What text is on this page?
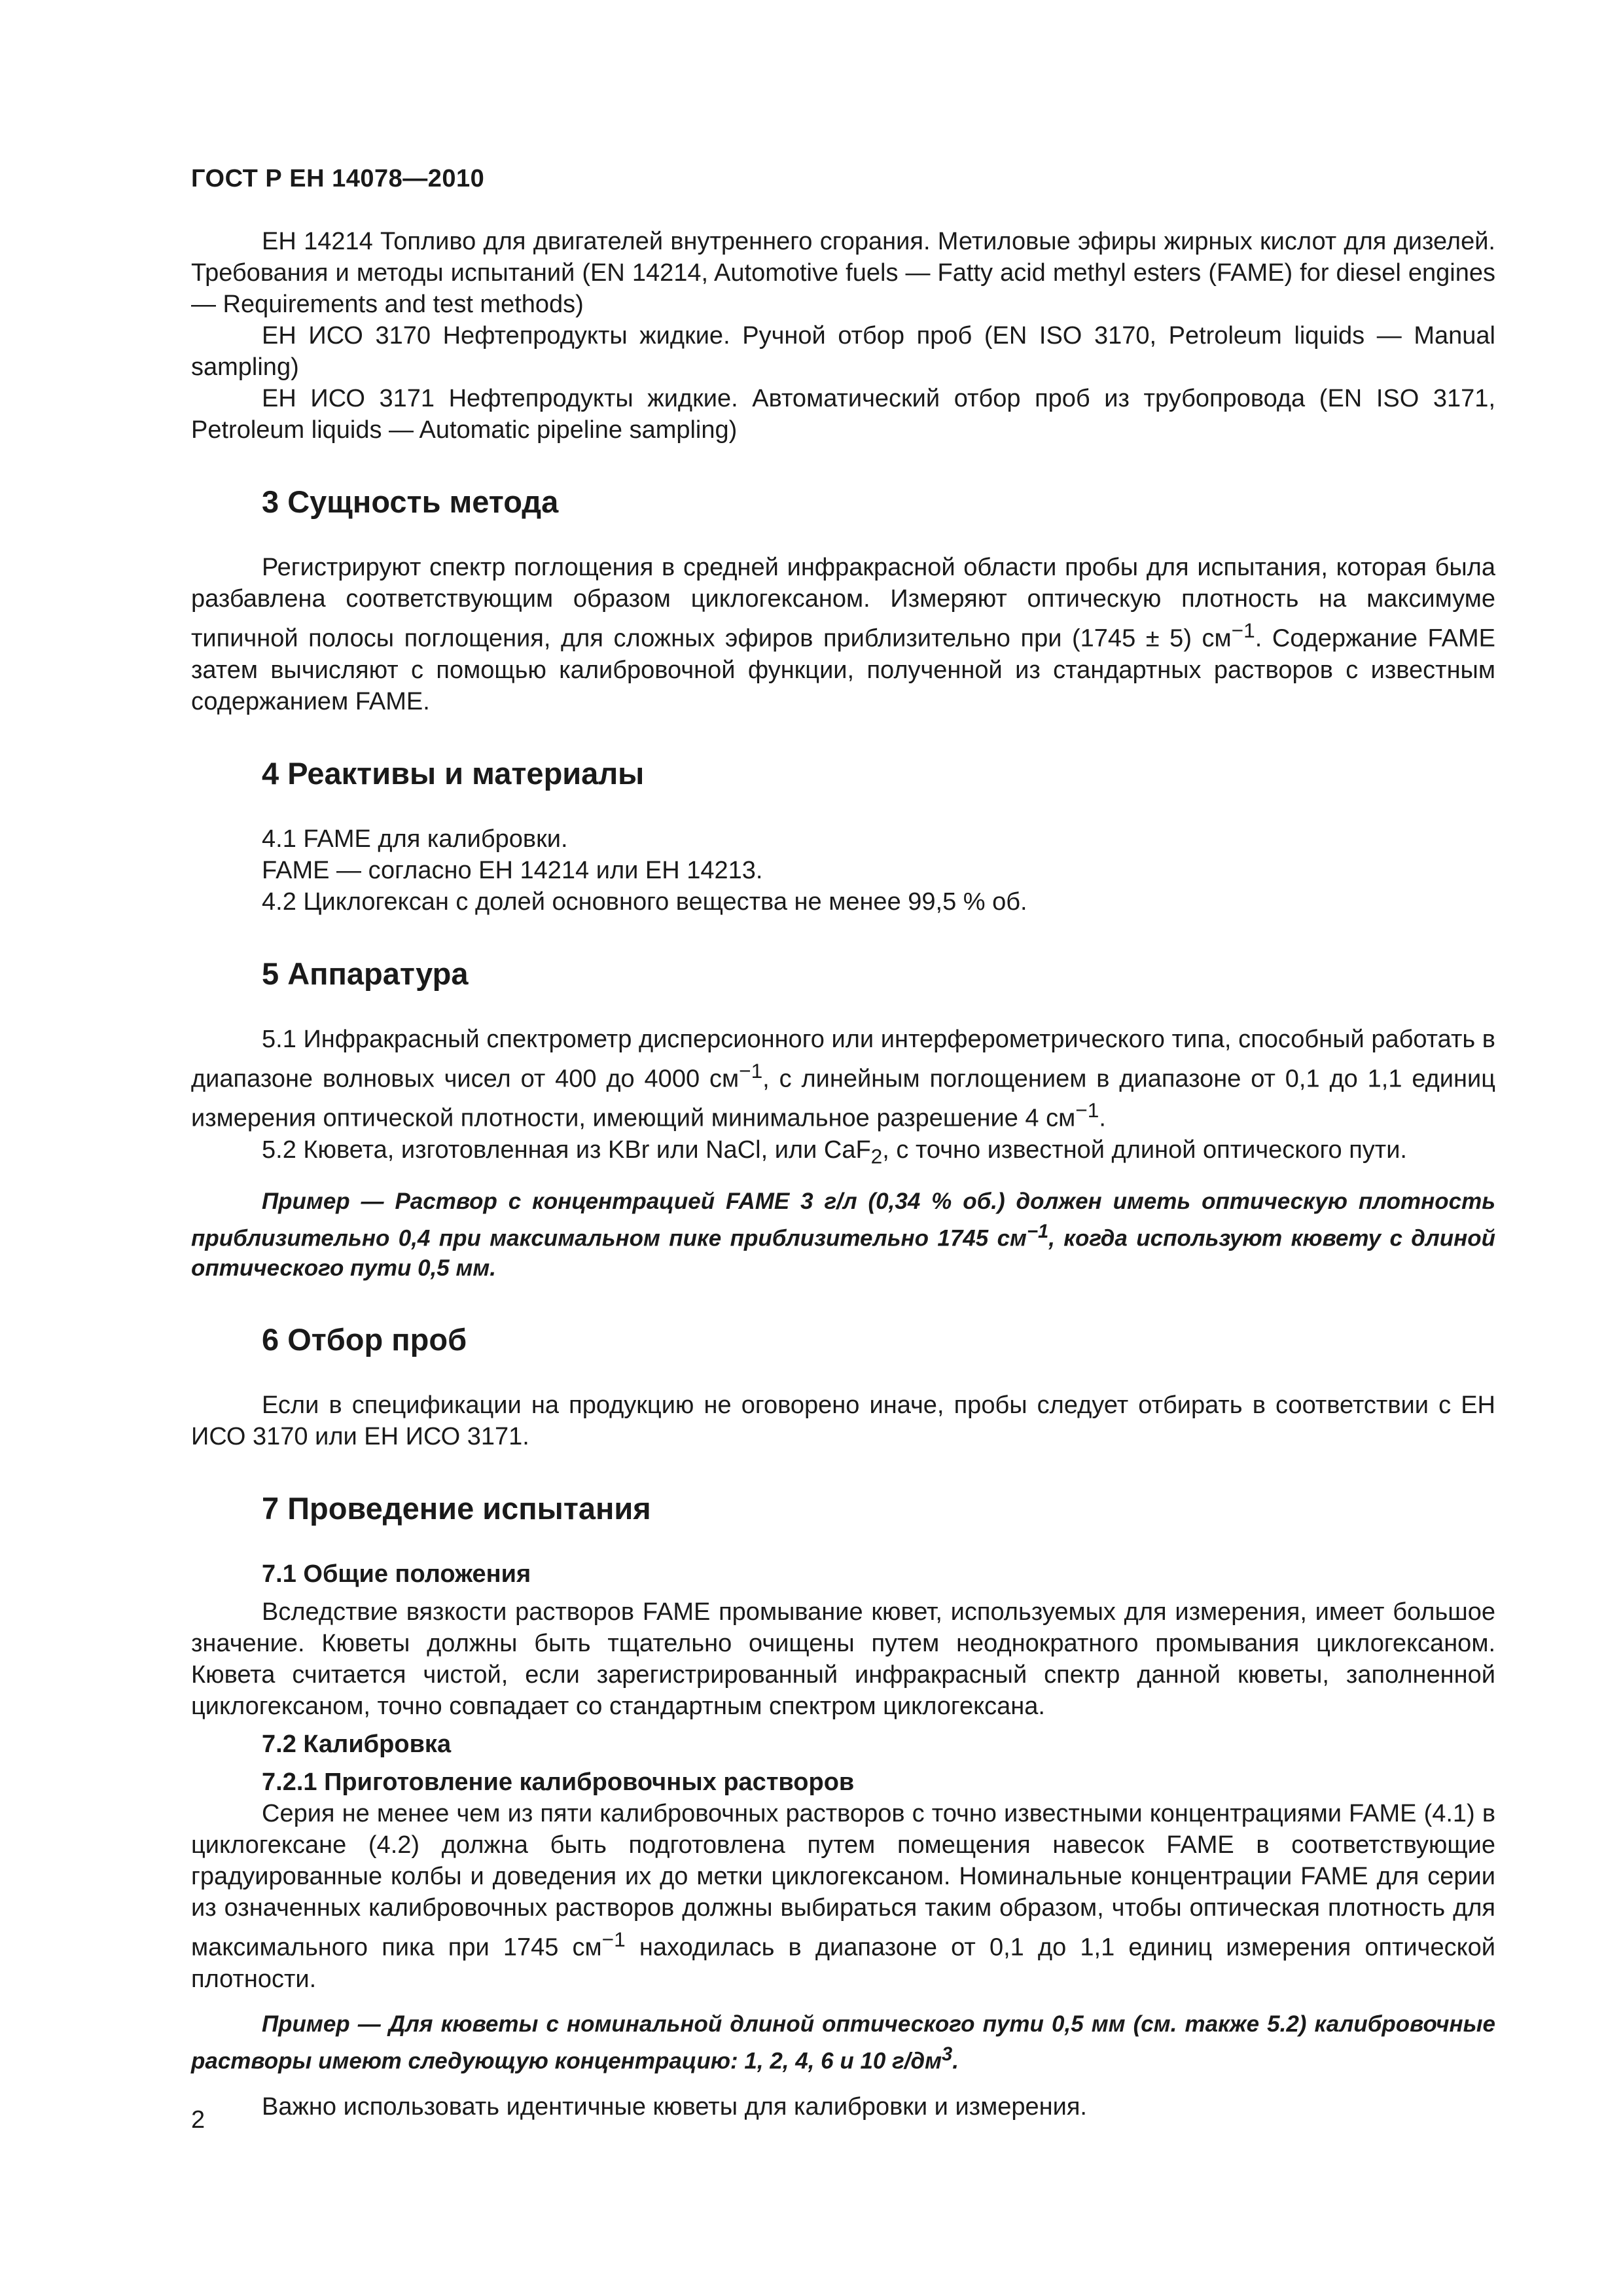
ГОСТ Р ЕН 14078—2010

ЕН 14214 Топливо для двигателей внутреннего сгорания. Метиловые эфиры жирных кислот для дизелей. Требования и методы испытаний (EN 14214, Automotive fuels — Fatty acid methyl esters (FAME) for diesel engines — Requirements and test methods)

ЕН ИСО 3170 Нефтепродукты жидкие. Ручной отбор проб (EN ISO 3170, Petroleum liquids — Manual sampling)

ЕН ИСО 3171 Нефтепродукты жидкие. Автоматический отбор проб из трубопровода (EN ISO 3171, Petroleum liquids — Automatic pipeline sampling)

3 Сущность метода

Регистрируют спектр поглощения в средней инфракрасной области пробы для испытания, которая была разбавлена соответствующим образом циклогексаном. Измеряют оптическую плотность на максимуме типичной полосы поглощения, для сложных эфиров приблизительно при (1745 ± 5) $см^{-1}$. Содержание FAME затем вычисляют с помощью калибровочной функции, полученной из стандартных растворов с известным содержанием FAME.

4 Реактивы и материалы

4.1 FAME для калибровки.

FAME — согласно ЕН 14214 или ЕН 14213.

4.2 Циклогексан с долей основного вещества не менее 99,5 % об.

5 Аппаратура

5.1 Инфракрасный спектрометр дисперсионного или интерферометрического типа, способный работать в диапазоне волновых чисел от 400 до 4000 $см^{-1}$, с линейным поглощением в диапазоне от 0,1 до 1,1 единиц измерения оптической плотности, имеющий минимальное разрешение 4 $см^{-1}$.

5.2 Кювета, изготовленная из KBr или NaCl, или CaF$_2$, с точно известной длиной оптического пути.

Пример — Раствор с концентрацией FAME 3 г/л (0,34 % об.) должен иметь оптическую плотность приблизительно 0,4 при максимальном пике приблизительно 1745 $см^{-1}$, когда используют кювету с длиной оптического пути 0,5 мм.

6 Отбор проб

Если в спецификации на продукцию не оговорено иначе, пробы следует отбирать в соответствии с ЕН ИСО 3170 или ЕН ИСО 3171.

7 Проведение испытания
7.1 Общие положения

Вследствие вязкости растворов FAME промывание кювет, используемых для измерения, имеет большое значение. Кюветы должны быть тщательно очищены путем неоднократного промывания циклогексаном. Кювета считается чистой, если зарегистрированный инфракрасный спектр данной кюветы, заполненной циклогексаном, точно совпадает со стандартным спектром циклогексана.

7.2 Калибровка
7.2.1 Приготовление калибровочных растворов

Серия не менее чем из пяти калибровочных растворов с точно известными концентрациями FAME (4.1) в циклогексане (4.2) должна быть подготовлена путем помещения навесок FAME в соответствующие градуированные колбы и доведения их до метки циклогексаном. Номинальные концентрации FAME для серии из означенных калибровочных растворов должны выбираться таким образом, чтобы оптическая плотность для максимального пика при 1745 $см^{-1}$ находилась в диапазоне от 0,1 до 1,1 единиц измерения оптической плотности.

Пример — Для кюветы с номинальной длиной оптического пути 0,5 мм (см. также 5.2) калибровочные растворы имеют следующую концентрацию: 1, 2, 4, 6 и 10 $г/дм^3$.

Важно использовать идентичные кюветы для калибровки и измерения.

2
